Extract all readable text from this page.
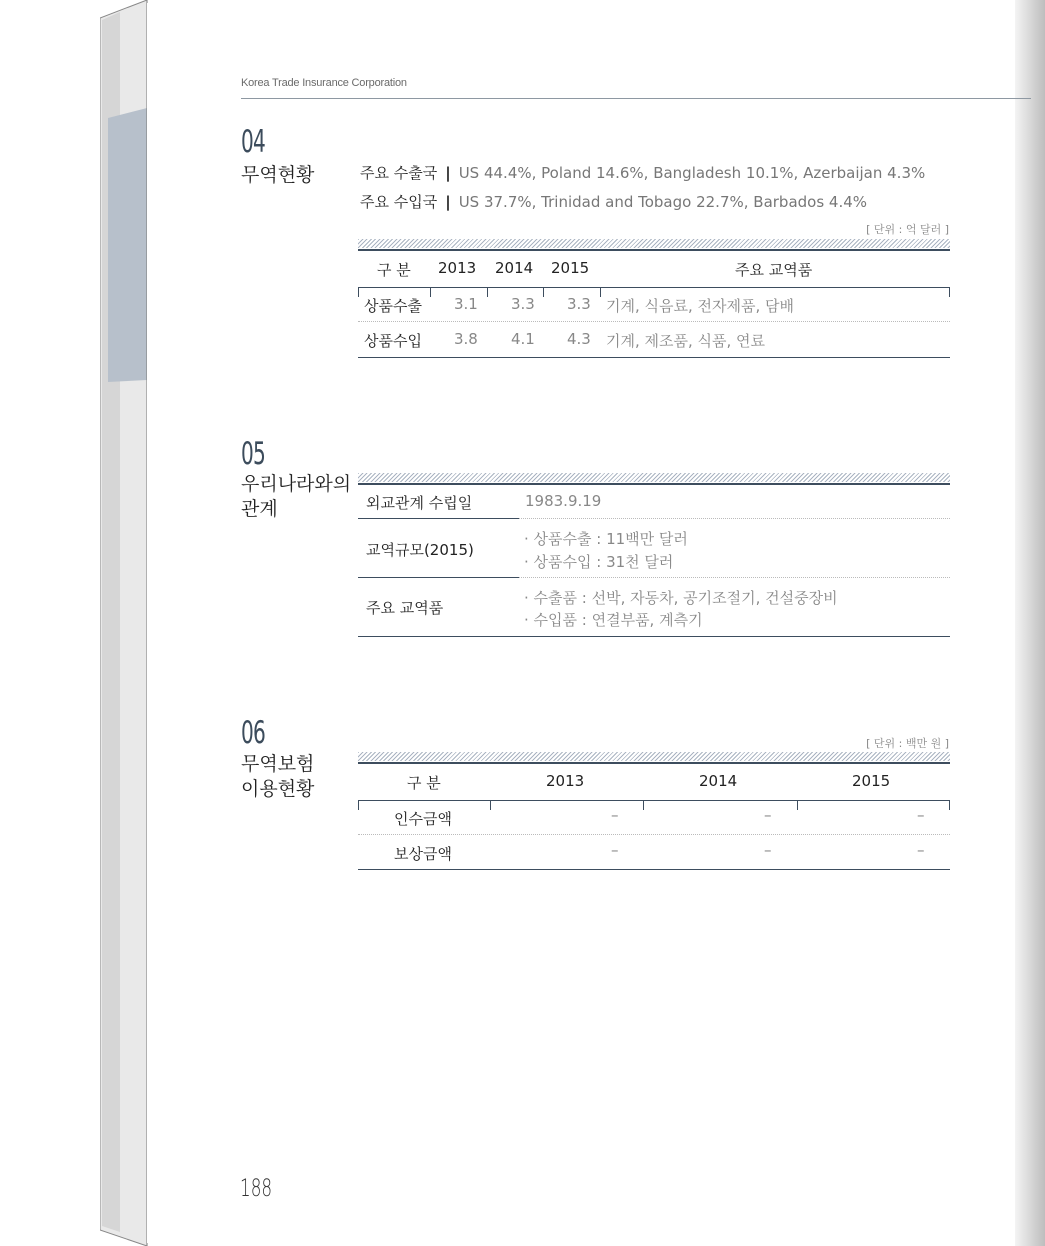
Korea Trade Insurance Corporation
04
무역현황	주요 수출국 | US 44.4%, Poland 14.6%, Bangladesh 10.1%, Azerbaijan 4.3%
주요 수입국 | US 37.7%, Trinidad and Tobago 22.7%, Barbados 4.4%
[ 단위 : 억 달러 ]
구 분 2013 2014 2015	주요 교역품
상품수출 3.1 3.3 3.3 기계, 식음료, 전자제품, 담배
상품수입 3.8 4.1 4.3 기계, 제조품, 식품, 연료
05
우리나라와의
관계	외교관계 수립일	1983.9.19
교역규모(2015)
· 상품수출 : 11백만 달러
· 상품수입 : 31천 달러
주요 교역품
· 수출품 : 선박, 자동차, 공기조절기, 건설중장비
· 수입품 : 연결부품, 계측기
06
무역보험
이용현황
[ 단위 : 백만 원 ]
구 분	2013	2014	2015
인수금액	–	–	–
보상금액	–	–	–
188
